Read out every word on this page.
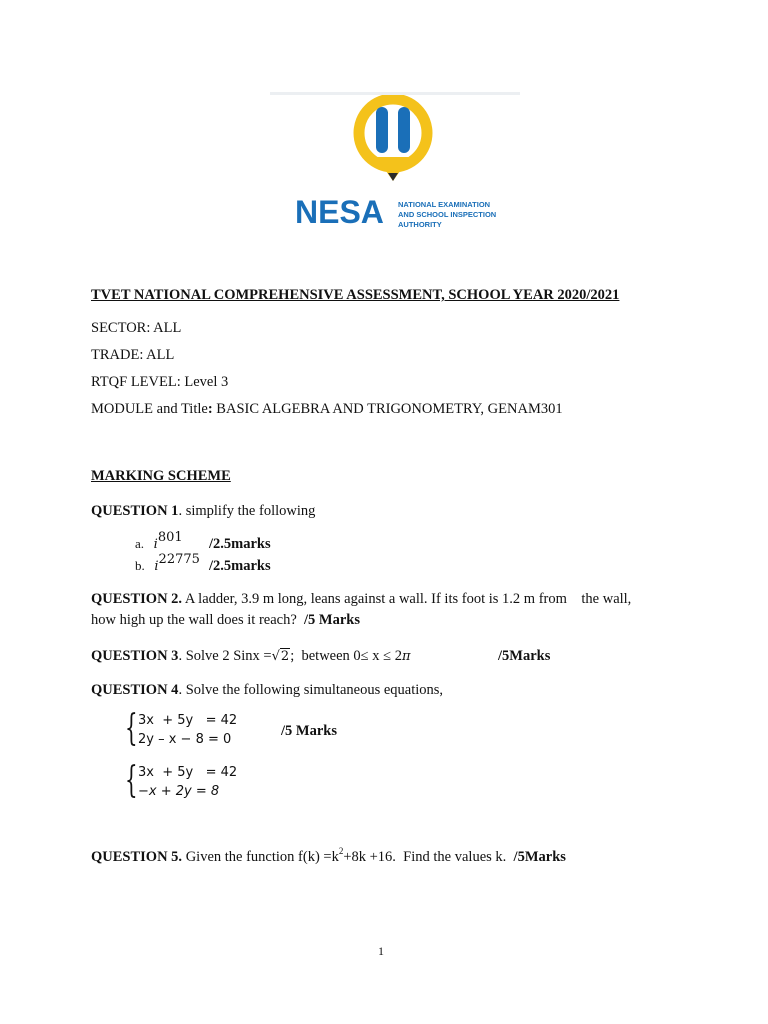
NESA NATIONAL EXAMINATION
AND SCHOOL INSPECTION
AUTHORITY
TVET NATIONAL COMPREHENSIVE ASSESSMENT, SCHOOL YEAR 2020/2021
SECTOR: ALL
TRADE: ALL
RTQF LEVEL: Level 3
MODULE and Title: BASIC ALGEBRA AND TRIGONOMETRY, GENAM301
MARKING SCHEME
QUESTION 1. simplify the following
a. $i^{801}$ /2.5marks
b. $i^{22775}$ /2.5marks
QUESTION 2. A ladder, 3.9 m long, leans against a wall. If its foot is 1.2 m from    the wall,
how high up the wall does it reach?  /5 Marks
QUESTION 3. Solve 2 Sinx =√2;  between 0≤ x ≤ 2π	/5Marks
QUESTION 4. Solve the following simultaneous equations,
{ 3x  + 5y   = 42
2y – x − 8 = 0
/5 Marks
{ 3x  + 5y   = 42
−x + 2y = 8
QUESTION 5. Given the function $f(k) =k^2+8k +16$.  Find the values k.  /5Marks
1
